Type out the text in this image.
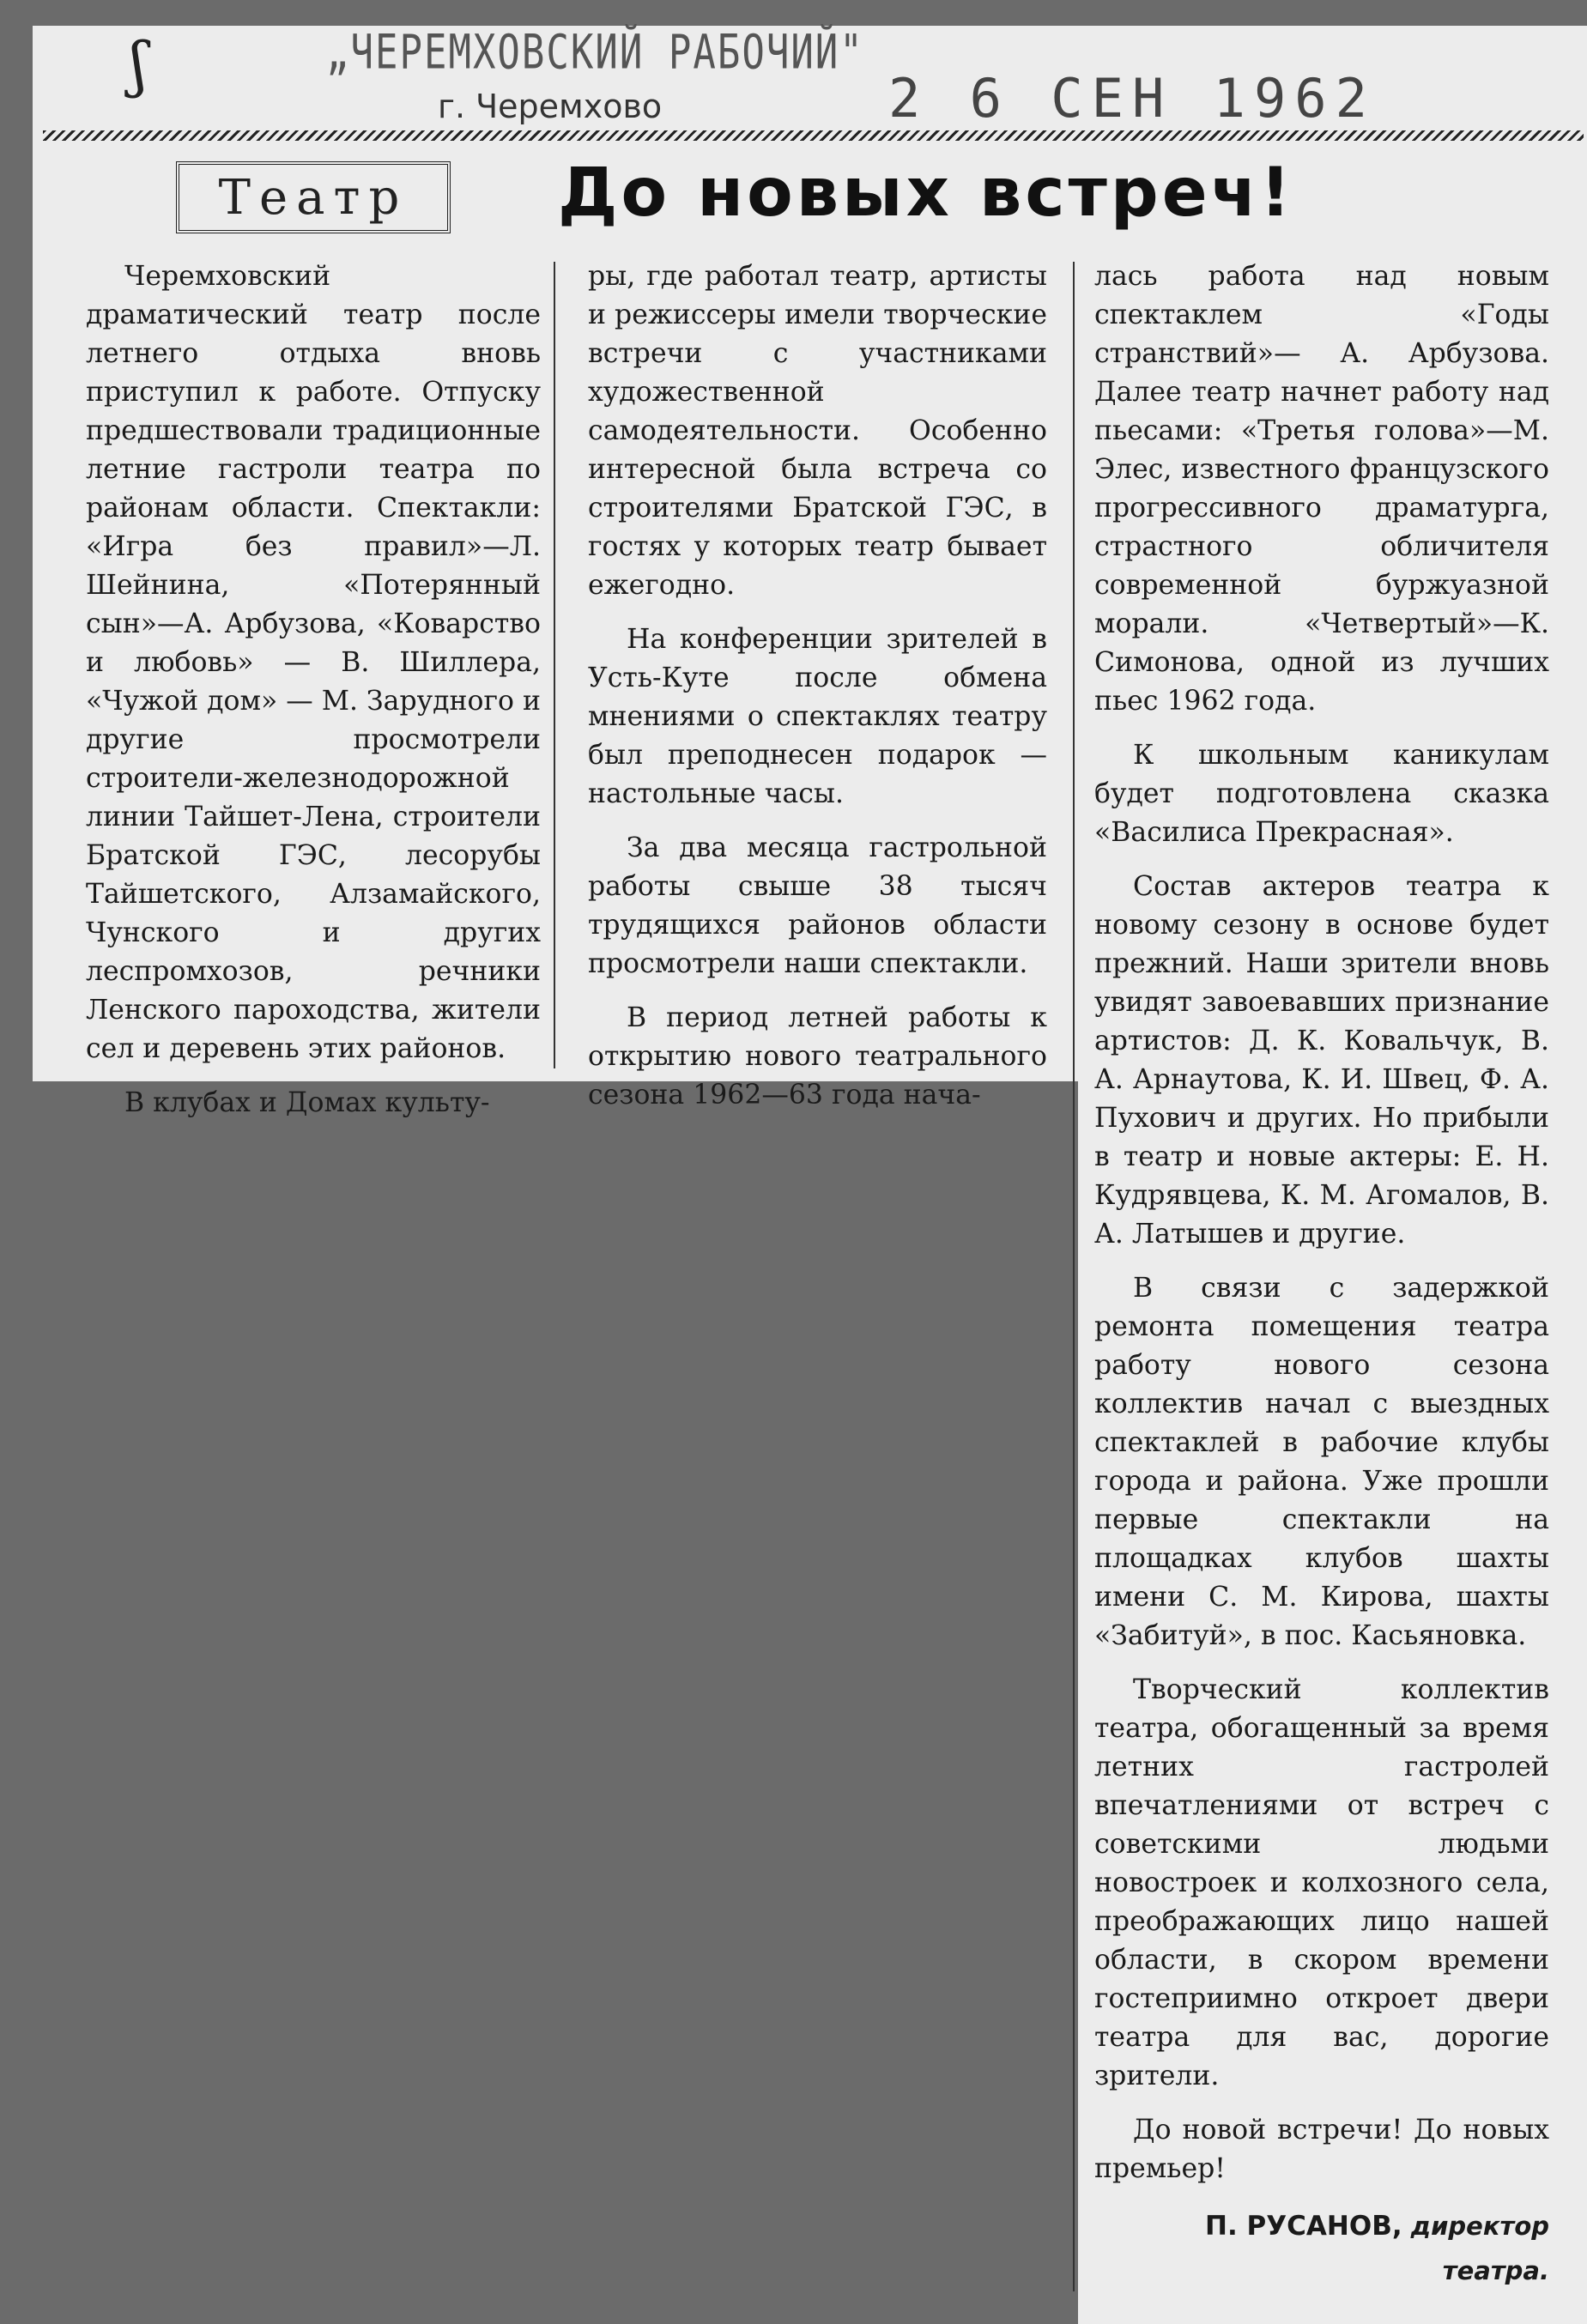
ʃ	„ЧЕРЕМХОВСКИЙ РАБОЧИЙ"
г. Черемхово	2 6 СЕН 1962
Театр До новых встреч!

Черемховский драматический театр после летнего отдыха вновь приступил к работе. Отпуску предшествовали традиционные летние гастроли театра по районам области. Спектакли: «Игра без правил»—Л. Шейнина, «Потерянный сын»—А. Арбузова, «Коварство и любовь» — В. Шиллера, «Чужой дом» — М. Зарудного и другие просмотрели строители-железнодорожной линии Тайшет-Лена, строители Братской ГЭС, лесорубы Тайшетского, Алзамайского, Чунского и других леспромхозов, речники Ленского пароходства, жители сел и деревень этих районов.

В клубах и Домах культу-

ры, где работал театр, артисты и режиссеры имели творческие встречи с участниками художественной самодеятельности. Особенно интересной была встреча со строителями Братской ГЭС, в гостях у которых театр бывает ежегодно.

На конференции зрителей в Усть-Куте после обмена мнениями о спектаклях театру был преподнесен подарок — настольные часы.

За два месяца гастрольной работы свыше 38 тысяч трудящихся районов области просмотрели наши спектакли.

В период летней работы к открытию нового театрального сезона 1962—63 года нача-

лась работа над новым спектаклем «Годы странствий»— А. Арбузова. Далее театр начнет работу над пьесами: «Третья голова»—М. Элес, известного французского прогрессивного драматурга, страстного обличителя современной буржуазной морали. «Четвертый»—К. Симонова, одной из лучших пьес 1962 года.

К школьным каникулам будет подготовлена сказка «Василиса Прекрасная».

Состав актеров театра к новому сезону в основе будет прежний. Наши зрители вновь увидят завоевавших признание артистов: Д. К. Ковальчук, В. А. Арнаутова, К. И. Швец, Ф. А. Пухович и других. Но прибыли в театр и новые актеры: Е. Н. Кудрявцева, К. М. Агомалов, В. А. Латышев и другие.

В связи с задержкой ремонта помещения театра работу нового сезона коллектив начал с выездных спектаклей в рабочие клубы города и района. Уже прошли первые спектакли на площадках клубов шахты имени С. М. Кирова, шахты «Забитуй», в пос. Касьяновка.

Творческий коллектив театра, обогащенный за время летних гастролей впечатлениями от встреч с советскими людьми новостроек и колхозного села, преображающих лицо нашей области, в скором времени гостеприимно откроет двери театра для вас, дорогие зрители.

До новой встречи! До новых премьер!

П. РУСАНОВ, директор театра.
